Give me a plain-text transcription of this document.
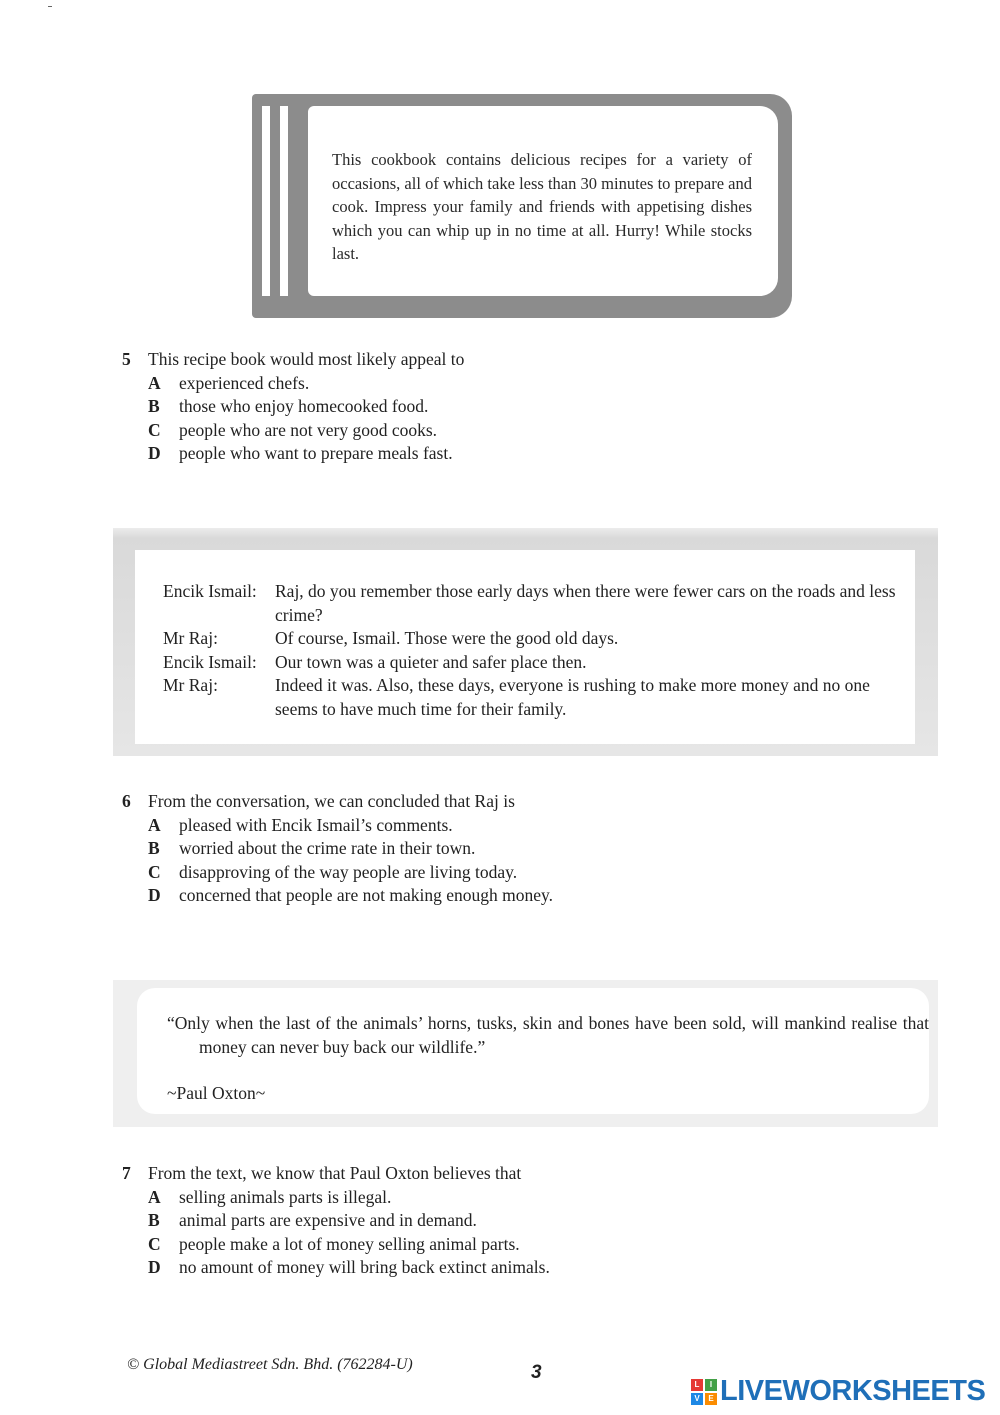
This cookbook contains delicious recipes for a variety of occasions, all of which take less than 30 minutes to prepare and cook. Impress your family and friends with appetising dishes which you can whip up in no time at all. Hurry! While stocks last.
5 This recipe book would most likely appeal to
A	experienced chefs.
B	those who enjoy homecooked food.
C	people who are not very good cooks.
D	people who want to prepare meals fast.
Encik Ismail:	Raj, do you remember those early days when there were fewer cars on the roads and less crime?
Mr Raj:	Of course, Ismail. Those were the good old days.
Encik Ismail:	Our town was a quieter and safer place then.
Mr Raj:	Indeed it was. Also, these days, everyone is rushing to make more money and no one seems to have much time for their family.
6 From the conversation, we can concluded that Raj is
A	pleased with Encik Ismail’s comments.
B	worried about the crime rate in their town.
C	disapproving of the way people are living today.
D	concerned that people are not making enough money.
“Only when the last of the animals’ horns, tusks, skin and bones have been sold, will mankind realise that money can never buy back our wildlife.”
~Paul Oxton~
7 From the text, we know that Paul Oxton believes that
A	selling animals parts is illegal.
B	animal parts are expensive and in demand.
C	people make a lot of money selling animal parts.
D	no amount of money will bring back extinct animals.
© Global Mediastreet Sdn. Bhd. (762284-U)	3
L	I
V	E LIVEWORKSHEETS
